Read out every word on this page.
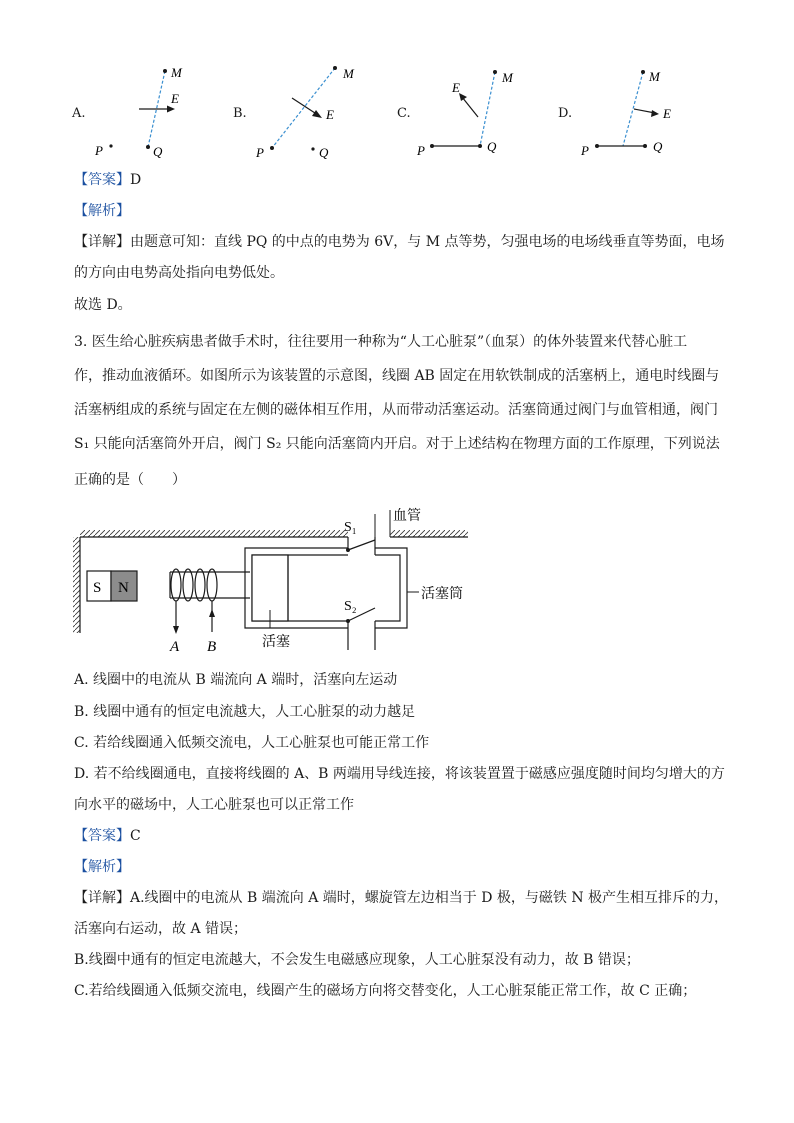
A.
M
E
P	Q
B.
M
E
P	Q
C.
M
E
P	Q
D.
M
E
P	Q
【答案】D
【解析】
【详解】由题意可知：直线 PQ 的中点的电势为 6V，与 M 点等势，匀强电场的电场线垂直等势面，电场
的方向由电势高处指向电势低处。
故选 D。
3. 医生给心脏疾病患者做手术时，往往要用一种称为“人工心脏泵”（血泵）的体外装置来代替心脏工
作，推动血液循环。如图所示为该装置的示意图，线圈 AB 固定在用软铁制成的活塞柄上，通电时线圈与
活塞柄组成的系统与固定在左侧的磁体相互作用，从而带动活塞运动。活塞筒通过阀门与血管相通，阀门
S₁ 只能向活塞筒外开启，阀门 S₂ 只能向活塞筒内开启。对于上述结构在物理方面的工作原理，下列说法
正确的是（　　）
S N
A B	活塞
S₁
血管
S₂
活塞筒
A. 线圈中的电流从 B 端流向 A 端时，活塞向左运动
B. 线圈中通有的恒定电流越大，人工心脏泵的动力越足
C. 若给线圈通入低频交流电，人工心脏泵也可能正常工作
D. 若不给线圈通电，直接将线圈的 A、B 两端用导线连接，将该装置置于磁感应强度随时间均匀增大的方
向水平的磁场中，人工心脏泵也可以正常工作
【答案】C
【解析】
【详解】A.线圈中的电流从 B 端流向 A 端时，螺旋管左边相当于 D 极，与磁铁 N 极产生相互排斥的力，
活塞向右运动，故 A 错误；
B.线圈中通有的恒定电流越大，不会发生电磁感应现象，人工心脏泵没有动力，故 B 错误；
C.若给线圈通入低频交流电，线圈产生的磁场方向将交替变化，人工心脏泵能正常工作，故 C 正确；
